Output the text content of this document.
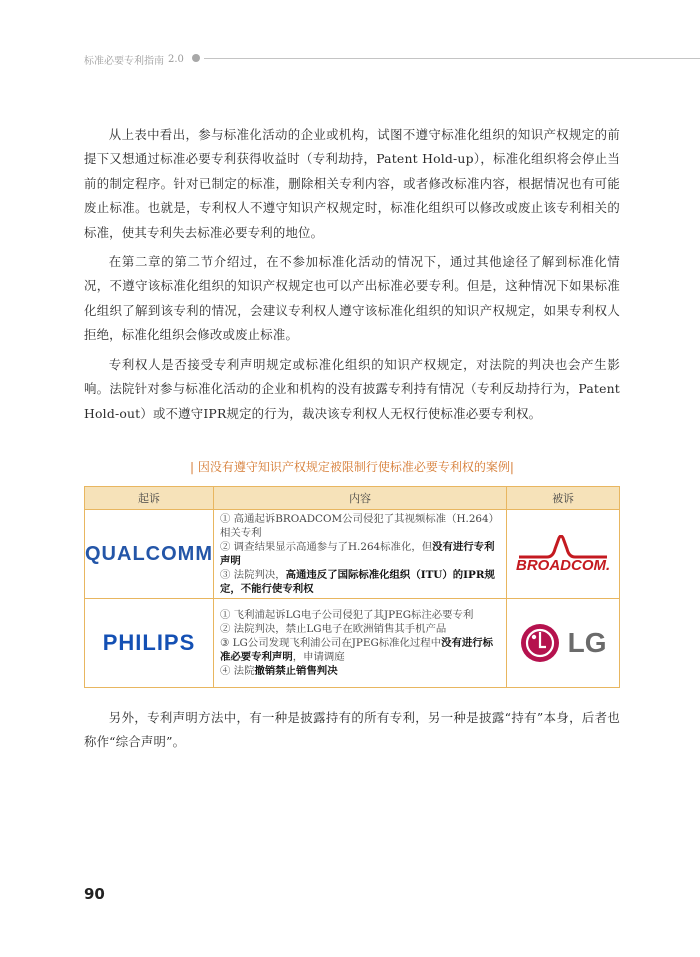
标准必要专利指南 2.0

从上表中看出，参与标准化活动的企业或机构，试图不遵守标准化组织的知识产权规定的前提下又想通过标准必要专利获得收益时（专利劫持，Patent Hold-up），标准化组织将会停止当前的制定程序。针对已制定的标准，删除相关专利内容，或者修改标准内容，根据情况也有可能废止标准。也就是，专利权人不遵守知识产权规定时，标准化组织可以修改或废止该专利相关的标准，使其专利失去标准必要专利的地位。

在第二章的第二节介绍过，在不参加标准化活动的情况下，通过其他途径了解到标准化情况，不遵守该标准化组织的知识产权规定也可以产出标准必要专利。但是，这种情况下如果标准化组织了解到该专利的情况，会建议专利权人遵守该标准化组织的知识产权规定，如果专利权人拒绝，标准化组织会修改或废止标准。

专利权人是否接受专利声明规定或标准化组织的知识产权规定，对法院的判决也会产生影响。法院针对参与标准化活动的企业和机构的没有披露专利持有情况（专利反劫持行为，Patent Hold-out）或不遵守IPR规定的行为，裁决该专利权人无权行使标准必要专利权。

| 因没有遵守知识产权规定被限制行使标准必要专利权的案例|
起诉	内容	被诉
QUALCOMM	① 高通起诉BROADCOM公司侵犯了其视频标准（H.264）相关专利
② 调查结果显示高通参与了H.264标准化，但没有进行专利声明
③ 法院判决，高通违反了国际标准化组织（ITU）的IPR规定，不能行使专利权	BROADCOM.

PHILIPS	① 飞利浦起诉LG电子公司侵犯了其JPEG标注必要专利
② 法院判决，禁止LG电子在欧洲销售其手机产品
③ LG公司发现飞利浦公司在JPEG标准化过程中没有进行标准必要专利声明，申请调庭
④ 法院撤销禁止销售判决	LG

另外，专利声明方法中，有一种是披露持有的所有专利，另一种是披露“持有”本身，后者也称作“综合声明”。

90
